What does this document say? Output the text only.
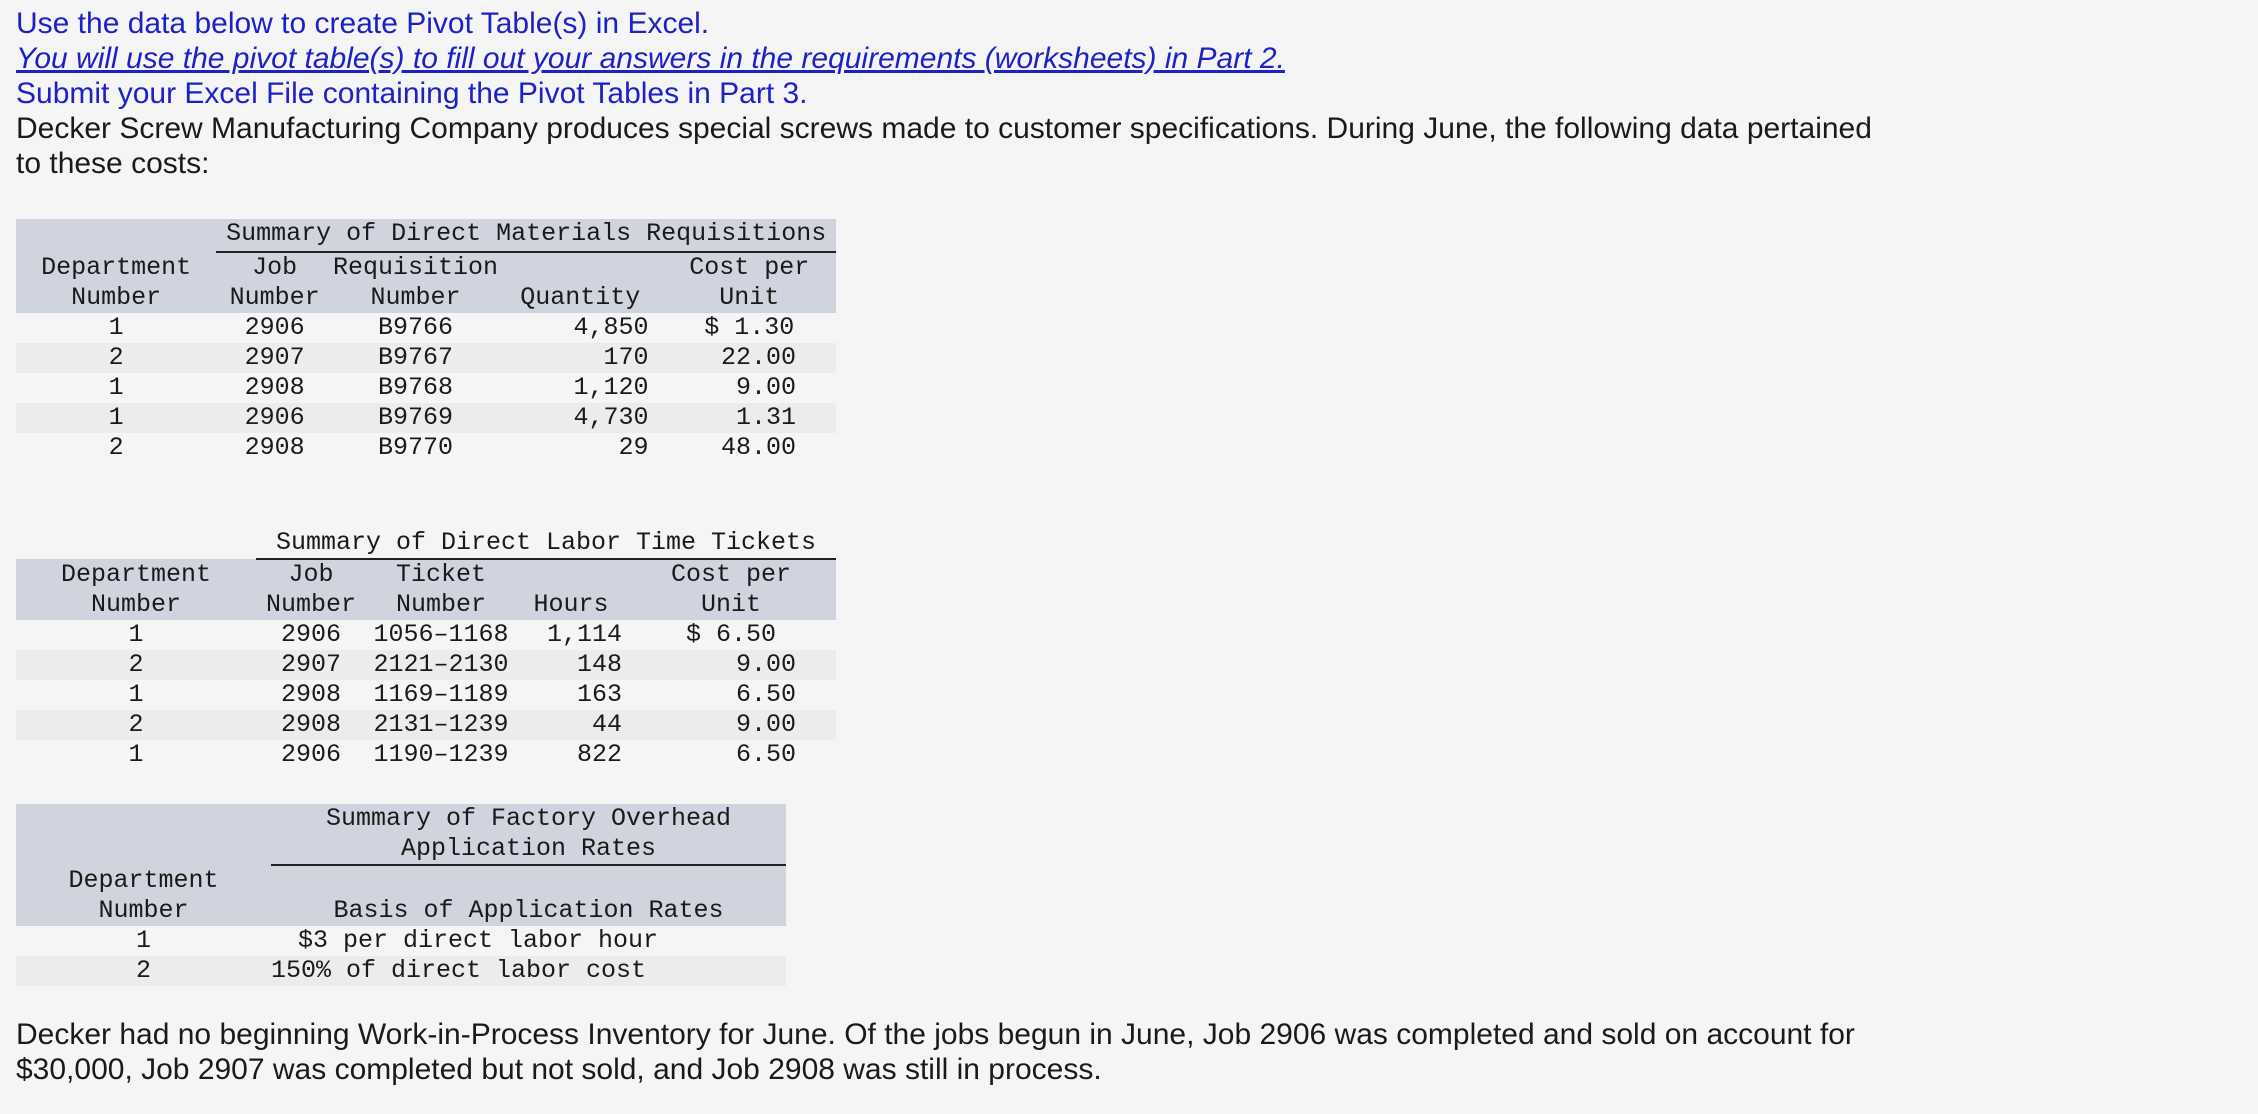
Use the data below to create Pivot Table(s) in Excel.

You will use the pivot table(s) to fill out your answers in the requirements (worksheets) in Part 2.

Submit your Excel File containing the Pivot Tables in Part 3.

Decker Screw Manufacturing Company produces special screws made to customer specifications. During June, the following data pertained to these costs:

	Summary of Direct Materials Requisitions			

Department	Job	Requisition		Cost per
Number	Number	Number	Quantity	Unit
1	2906	B9766	4,850	$ 1.30
2	2907	B9767	170	22.00
1	2908	B9768	1,120	9.00
1	2906	B9769	4,730	1.31
2	2908	B9770	29	48.00
	Summary of Direct Labor Time Tickets			
Department	Job	Ticket		Cost per
Number	Number	Number	Hours	Unit
1	2906	1056–1168	1,114	$ 6.50
2	2907	2121–2130	148	9.00
1	2908	1169–1189	163	6.50
2	2908	2131–1239	44	9.00
1	2906	1190–1239	822	6.50
	Summary of Factory Overhead
	Application Rates
Department	
Number	Basis of Application Rates
1	$3 per direct labor hour
2	150% of direct labor cost

Decker had no beginning Work-in-Process Inventory for June. Of the jobs begun in June, Job 2906 was completed and sold on account for $30,000, Job 2907 was completed but not sold, and Job 2908 was still in process.
